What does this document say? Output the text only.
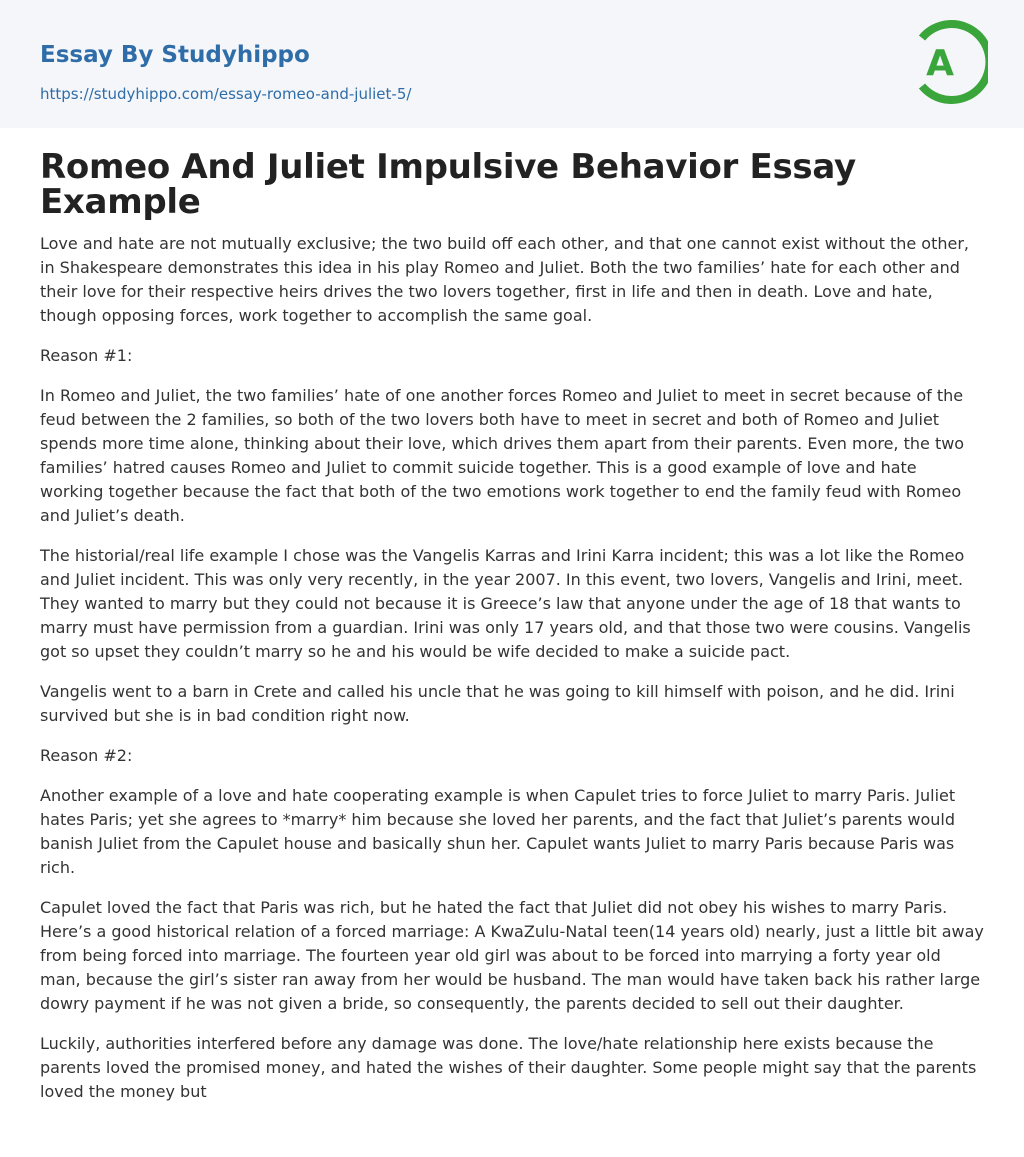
Essay By Studyhippo
https://studyhippo.com/essay-romeo-and-juliet-5/
A
Romeo And Juliet Impulsive Behavior Essay Example

Love and hate are not mutually exclusive; the two build off each other, and that one cannot exist without the other, in Shakespeare demonstrates this idea in his play Romeo and Juliet. Both the two families’ hate for each other and their love for their respective heirs drives the two lovers together, first in life and then in death. Love and hate, though opposing forces, work together to accomplish the same goal.

Reason #1:

In Romeo and Juliet, the two families’ hate of one another forces Romeo and Juliet to meet in secret because of the feud between the 2 families, so both of the two lovers both have to meet in secret and both of Romeo and Juliet spends more time alone, thinking about their love, which drives them apart from their parents. Even more, the two families’ hatred causes Romeo and Juliet to commit suicide together. This is a good example of love and hate working together because the fact that both of the two emotions work together to end the family feud with Romeo and Juliet’s death.

The historial/real life example I chose was the Vangelis Karras and Irini Karra incident; this was a lot like the Romeo and Juliet incident. This was only very recently, in the year 2007. In this event, two lovers, Vangelis and Irini, meet. They wanted to marry but they could not because it is Greece’s law that anyone under the age of 18 that wants to marry must have permission from a guardian. Irini was only 17 years old, and that those two were cousins. Vangelis got so upset they couldn’t marry so he and his would be wife decided to make a suicide pact.

Vangelis went to a barn in Crete and called his uncle that he was going to kill himself with poison, and he did. Irini survived but she is in bad condition right now.

Reason #2:

Another example of a love and hate cooperating example is when Capulet tries to force Juliet to marry Paris. Juliet hates Paris; yet she agrees to *marry* him because she loved her parents, and the fact that Juliet’s parents would banish Juliet from the Capulet house and basically shun her. Capulet wants Juliet to marry Paris because Paris was rich.

Capulet loved the fact that Paris was rich, but he hated the fact that Juliet did not obey his wishes to marry Paris. Here’s a good historical relation of a forced marriage: A KwaZulu-Natal teen(14 years old) nearly, just a little bit away from being forced into marriage. The fourteen year old girl was about to be forced into marrying a forty year old man, because the girl’s sister ran away from her would be husband. The man would have taken back his rather large dowry payment if he was not given a bride, so consequently, the parents decided to sell out their daughter.

Luckily, authorities interfered before any damage was done. The love/hate relationship here exists because the parents loved the promised money, and hated the wishes of their daughter. Some people might say that the parents loved the money but
